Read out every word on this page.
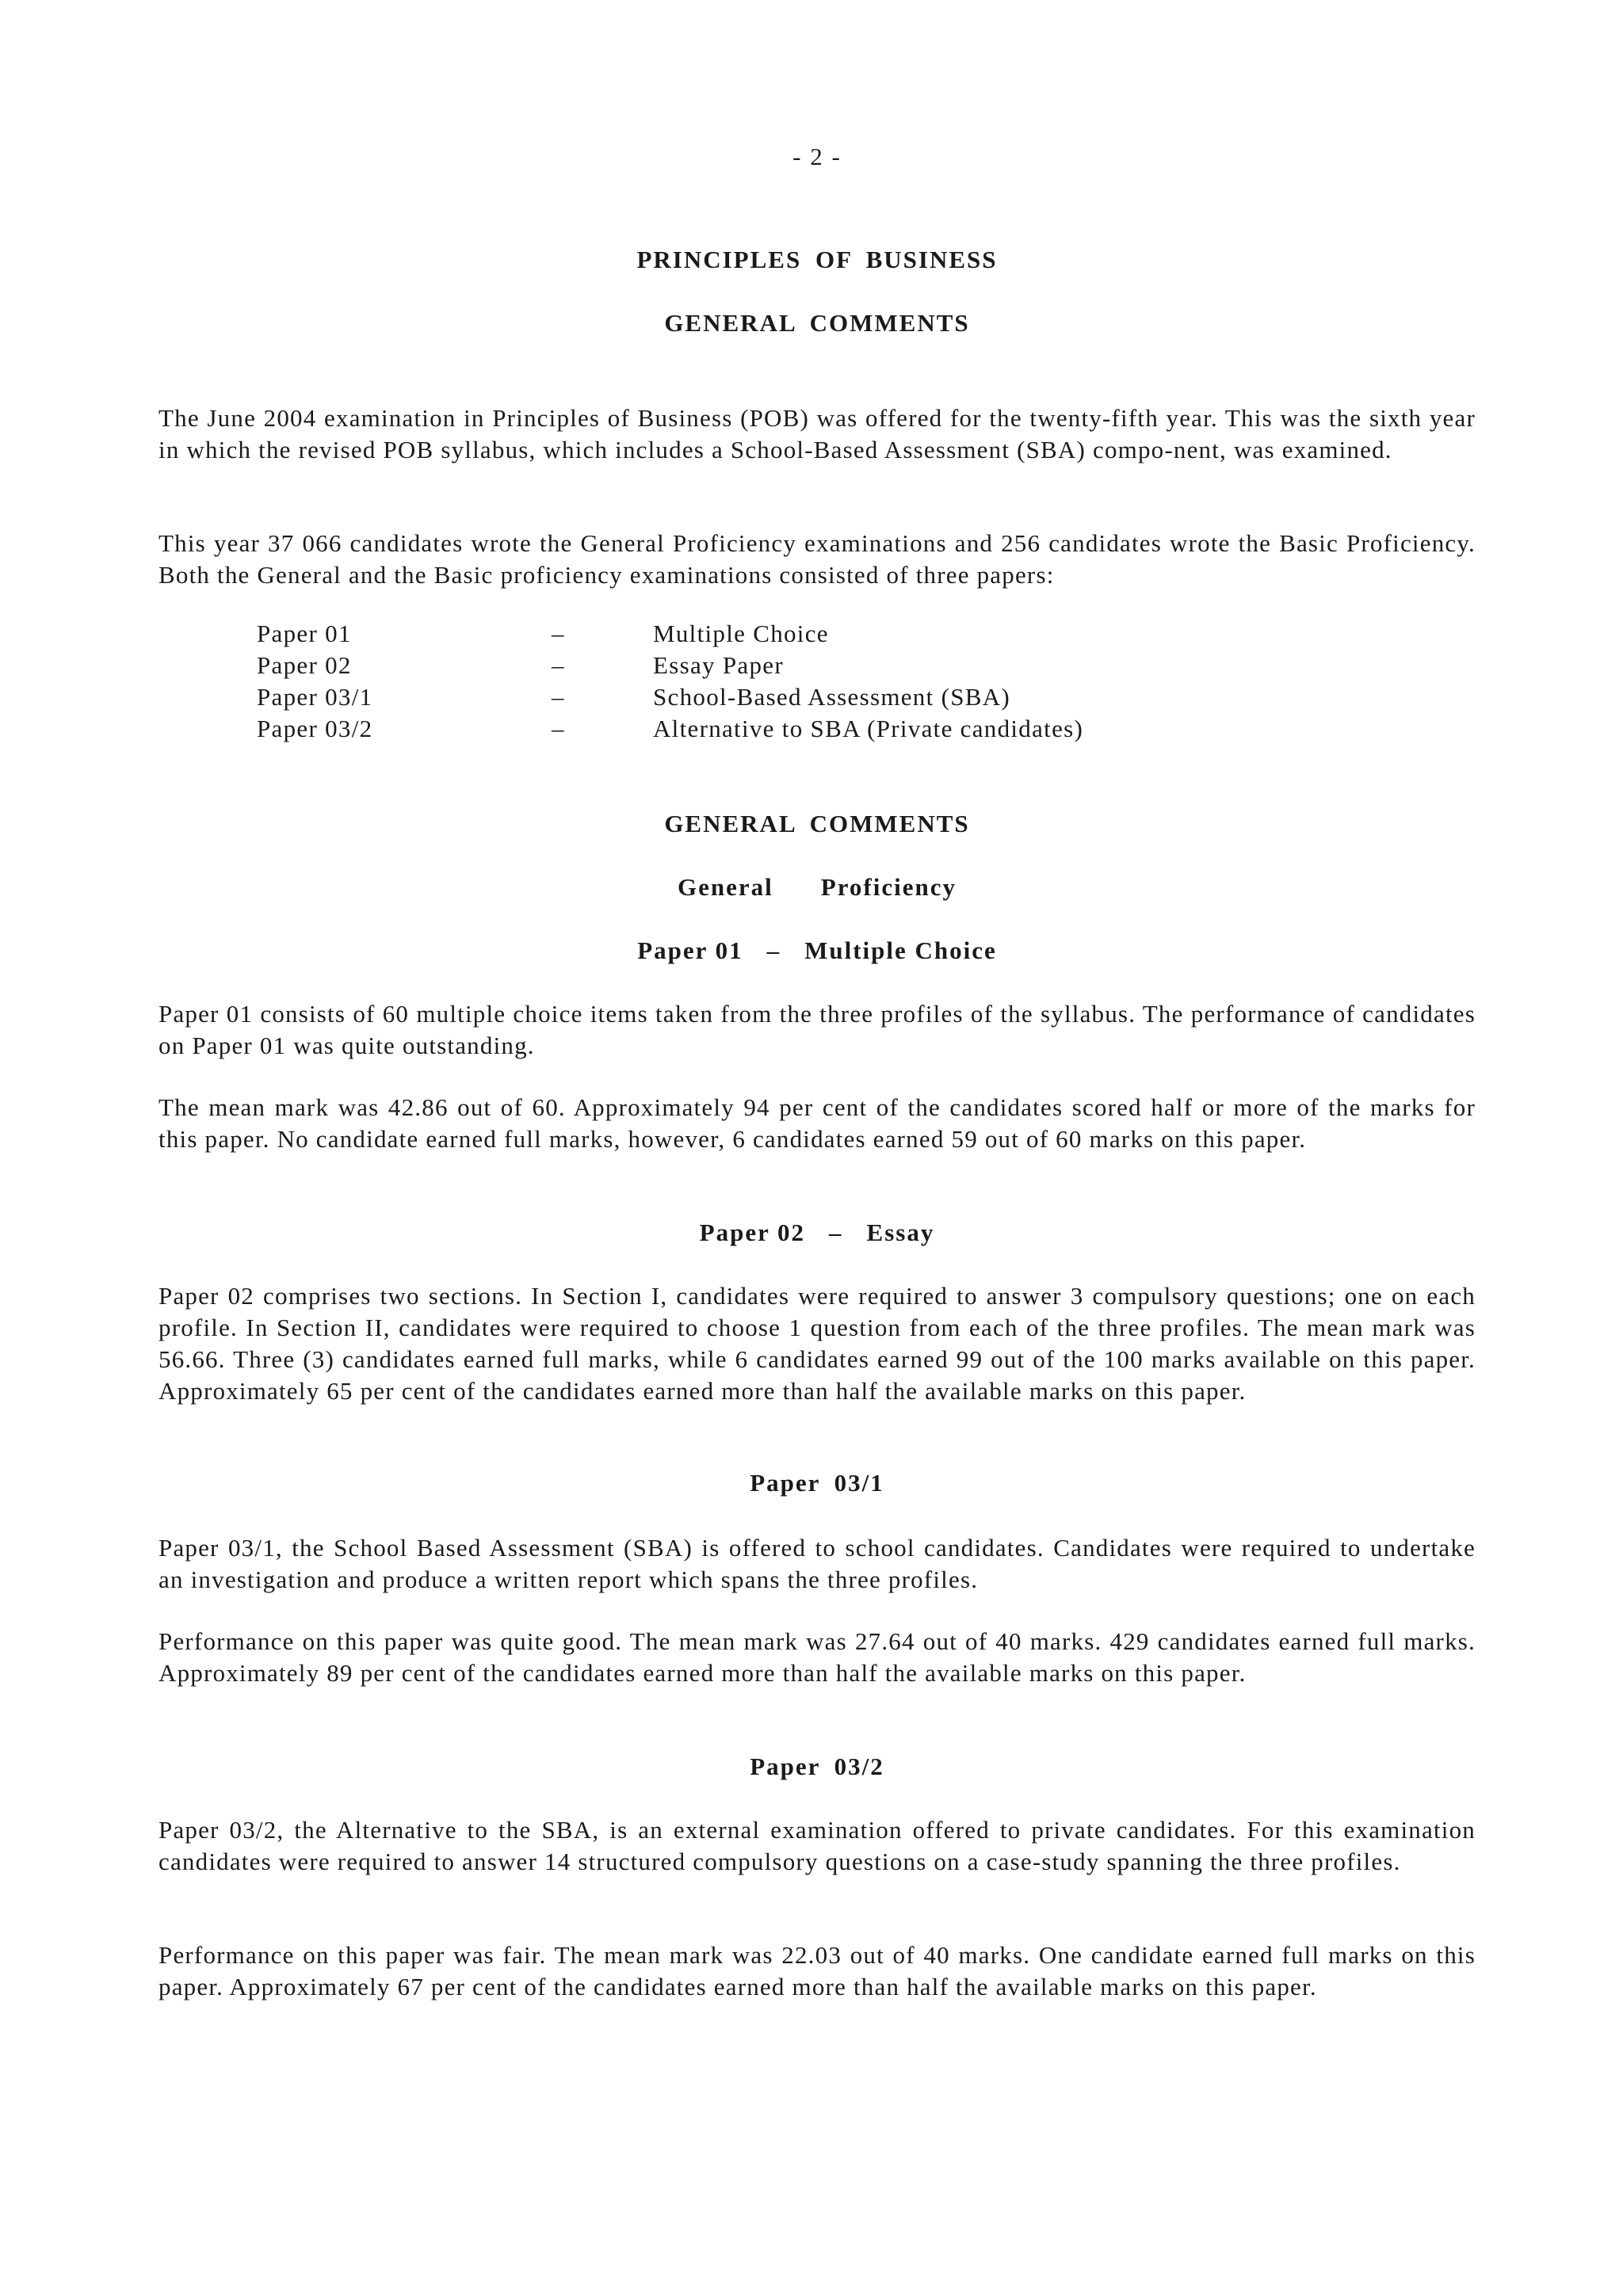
- 2 -
PRINCIPLES OF BUSINESS
GENERAL COMMENTS

The June 2004 examination in Principles of Business (POB) was offered for the twenty-fifth year. This was the sixth year in which the revised POB syllabus, which includes a School-Based Assessment (SBA) compo-nent, was examined.

This year 37 066 candidates wrote the General Proficiency examinations and 256 candidates wrote the Basic Proficiency. Both the General and the Basic proficiency examinations consisted of three papers:

Paper 01	–	Multiple Choice
Paper 02	–	Essay Paper
Paper 03/1	–	School-Based Assessment (SBA)
Paper 03/2	–	Alternative to SBA (Private candidates)
GENERAL COMMENTS
General Proficiency
Paper 01 – Multiple Choice

Paper 01 consists of 60 multiple choice items taken from the three profiles of the syllabus. The performance of candidates on Paper 01 was quite outstanding.

The mean mark was 42.86 out of 60. Approximately 94 per cent of the candidates scored half or more of the marks for this paper. No candidate earned full marks, however, 6 candidates earned 59 out of 60 marks on this paper.

Paper 02 – Essay

Paper 02 comprises two sections. In Section I, candidates were required to answer 3 compulsory questions; one on each profile. In Section II, candidates were required to choose 1 question from each of the three profiles. The mean mark was 56.66. Three (3) candidates earned full marks, while 6 candidates earned 99 out of the 100 marks available on this paper. Approximately 65 per cent of the candidates earned more than half the available marks on this paper.

Paper 03/1

Paper 03/1, the School Based Assessment (SBA) is offered to school candidates. Candidates were required to undertake an investigation and produce a written report which spans the three profiles.

Performance on this paper was quite good. The mean mark was 27.64 out of 40 marks. 429 candidates earned full marks. Approximately 89 per cent of the candidates earned more than half the available marks on this paper.

Paper 03/2

Paper 03/2, the Alternative to the SBA, is an external examination offered to private candidates. For this examination candidates were required to answer 14 structured compulsory questions on a case-study spanning the three profiles.

Performance on this paper was fair. The mean mark was 22.03 out of 40 marks. One candidate earned full marks on this paper. Approximately 67 per cent of the candidates earned more than half the available marks on this paper.
